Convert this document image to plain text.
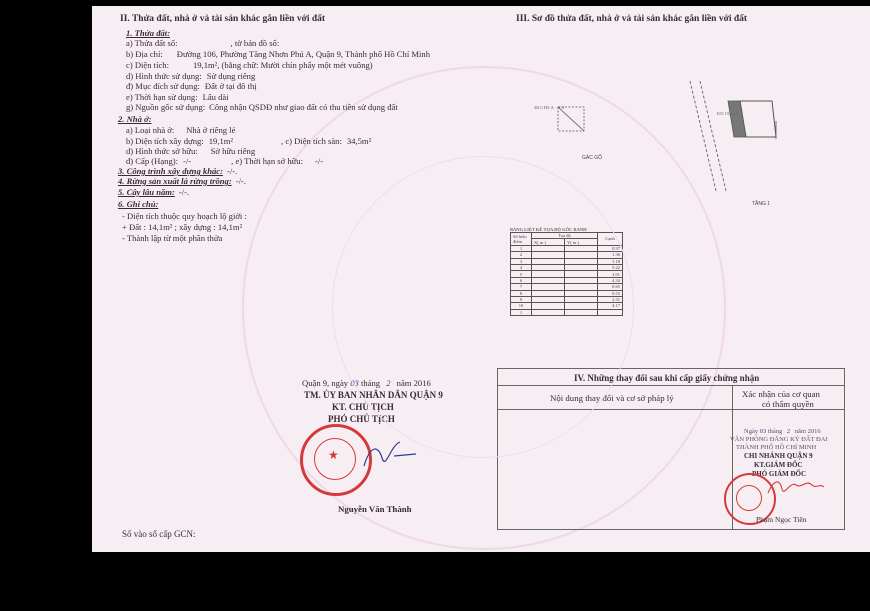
II. Thửa đất, nhà ở và tài sản khác gắn liền với đất
1. Thửa đất:
a) Thửa đất số:	, tờ bản đồ số:
b) Địa chỉ: Đường 106, Phường Tăng Nhơn Phú A, Quận 9, Thành phố Hồ Chí Minh
c) Diện tích:	19,1m², (bằng chữ: Mười chín phẩy một mét vuông)
d) Hình thức sử dụng: Sử dụng riêng
đ) Mục đích sử dụng: Đất ở tại đô thị
e) Thời hạn sử dụng: Lâu dài
g) Nguồn gốc sử dụng: Công nhận QSDĐ như giao đất có thu tiền sử dụng đất
2. Nhà ở:
a) Loại nhà ở: Nhà ở riêng lẻ
b) Diện tích xây dựng: 19,1m²	, c) Diện tích sàn: 34,5m²
d) Hình thức sở hữu: Sở hữu riêng
đ) Cấp (Hạng): -/-	, e) Thời hạn sở hữu: -/-
3. Công trình xây dựng khác: -/-.
4. Rừng sản xuất là rừng trồng: -/-.
5. Cây lâu năm: -/-.
6. Ghi chú:
- Diện tích thuộc quy hoạch lộ giới :
+ Đất : 14,1m² ; xây dựng : 14,1m²
- Thành lập từ một phần thửa
Quận 9, ngày 03 tháng 2 năm 2016
TM. ỦY BAN NHÂN DÂN QUẬN 9
KT. CHỦ TỊCH
PHÓ CHỦ TỊCH
★
Nguyễn Văn Thành
Số vào sổ cấp GCN:
III. Sơ đồ thửa đất, nhà ở và tài sản khác gắn liền với đất
GÁC GỖ
TẦNG 1
4R.0 HS.A · ·C3
KD 19,1m²
BẢNG LIỆT KÊ TỌA ĐỘ GÓC RANH
Số hiệu điểm	Tọa độ		Cạnh
	X( m )	Y( m )	
1			0.97
2			1.36
3			1.18
4			5.22
5			3.91
6			4.34
7			0.65
8			0.53
9			2.31
10			4.17
1			
IV. Những thay đổi sau khi cấp giấy chứng nhận
Nội dung thay đổi và cơ sở pháp lý	Xác nhận của cơ quan
có thẩm quyền
Ngày 03 tháng 2 năm 2016
VĂN PHÒNG ĐĂNG KÝ ĐẤT ĐAI
THÀNH PHỐ HỒ CHÍ MINH
CHI NHÁNH QUẬN 9
KT.GIÁM ĐỐC
PHÓ GIÁM ĐỐC
Phạm Ngọc Tiên
